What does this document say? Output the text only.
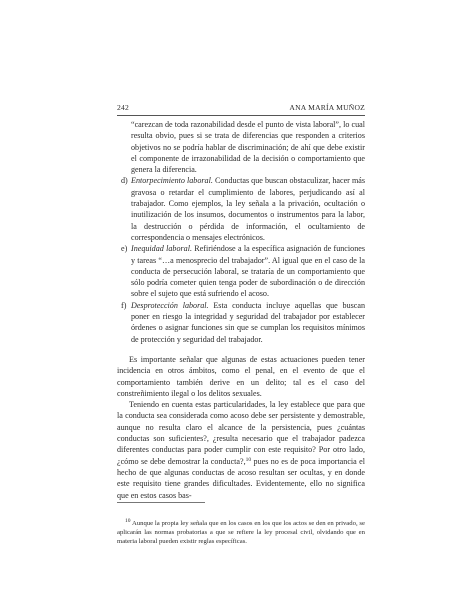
242	ANA MARÍA MUÑOZ

“carezcan de toda razonabilidad desde el punto de vista laboral”, lo cual resulta obvio, pues si se trata de diferencias que responden a criterios objetivos no se podría hablar de discriminación; de ahí que debe existir el componente de irrazonabilidad de la decisión o comportamiento que genera la diferencia.

d) Entorpecimiento laboral. Conductas que buscan obstaculizar, hacer más gravosa o retardar el cumplimiento de labores, perjudicando así al trabajador. Como ejemplos, la ley señala a la privación, ocultación o inutilización de los insumos, documentos o instrumentos para la labor, la destrucción o pérdida de información, el ocultamiento de correspondencia o mensajes electrónicos.
e) Inequidad laboral. Refiriéndose a la específica asignación de funciones y tareas “…a menosprecio del trabajador”. Al igual que en el caso de la conducta de persecución laboral, se trataría de un comportamiento que sólo podría cometer quien tenga poder de subordinación o de dirección sobre el sujeto que está sufriendo el acoso.
f) Desprotección laboral. Esta conducta incluye aquellas que buscan poner en riesgo la integridad y seguridad del trabajador por establecer órdenes o asignar funciones sin que se cumplan los requisitos mínimos de protección y seguridad del trabajador.

Es importante señalar que algunas de estas actuaciones pueden tener incidencia en otros ámbitos, como el penal, en el evento de que el comportamiento también derive en un delito; tal es el caso del constreñimiento ilegal o los delitos sexuales.

Teniendo en cuenta estas particularidades, la ley establece que para que la conducta sea considerada como acoso debe ser persistente y demostrable, aunque no resulta claro el alcance de la persistencia, pues ¿cuántas conductas son suficientes?, ¿resulta necesario que el trabajador padezca diferentes conductas para poder cumplir con este requisito? Por otro lado, ¿cómo se debe demostrar la conducta?,$^{10}$ pues no es de poca importancia el hecho de que algunas conductas de acoso resultan ser ocultas, y en donde este requisito tiene grandes dificultades. Evidentemente, ello no significa que en estos casos bas-

$^{10}$ Aunque la propia ley señala que en los casos en los que los actos se den en privado, se aplicarán las normas probatorias a que se refiere la ley procesal civil, olvidando que en materia laboral pueden existir reglas específicas.
